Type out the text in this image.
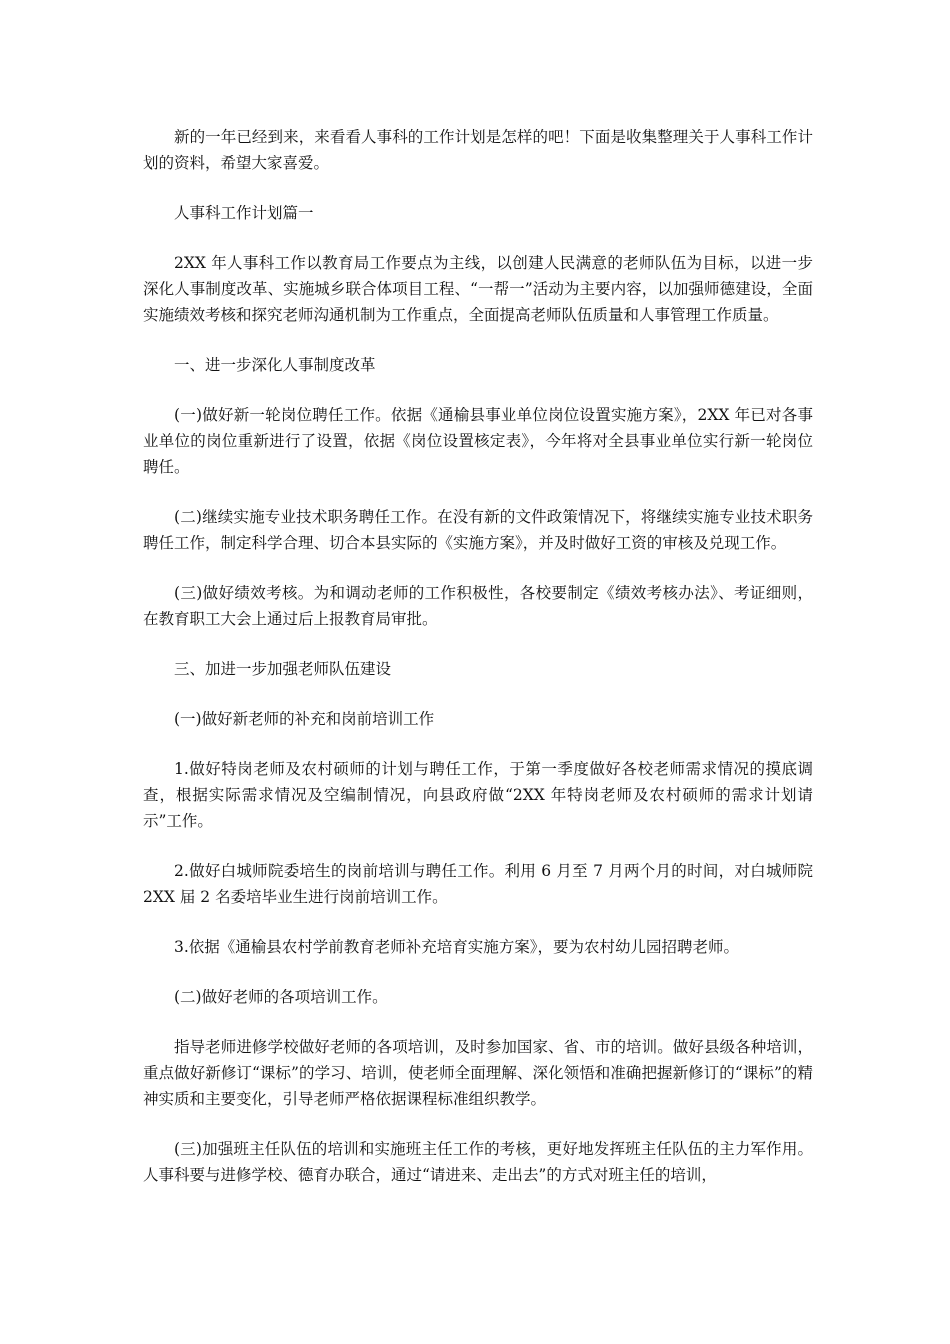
新的一年已经到来，来看看人事科的工作计划是怎样的吧！下面是收集整理关于人事科工作计划的资料，希望大家喜爱。

人事科工作计划篇一

2XX 年人事科工作以教育局工作要点为主线，以创建人民满意的老师队伍为目标，以进一步深化人事制度改革、实施城乡联合体项目工程、“一帮一”活动为主要内容，以加强师德建设，全面实施绩效考核和探究老师沟通机制为工作重点，全面提高老师队伍质量和人事管理工作质量。

一、进一步深化人事制度改革

(一)做好新一轮岗位聘任工作。依据《通榆县事业单位岗位设置实施方案》，2XX 年已对各事业单位的岗位重新进行了设置，依据《岗位设置核定表》，今年将对全县事业单位实行新一轮岗位聘任。

(二)继续实施专业技术职务聘任工作。在没有新的文件政策情况下，将继续实施专业技术职务聘任工作，制定科学合理、切合本县实际的《实施方案》，并及时做好工资的审核及兑现工作。

(三)做好绩效考核。为和调动老师的工作积极性，各校要制定《绩效考核办法》、考证细则，在教育职工大会上通过后上报教育局审批。

三、加进一步加强老师队伍建设

(一)做好新老师的补充和岗前培训工作

1.做好特岗老师及农村硕师的计划与聘任工作，于第一季度做好各校老师需求情况的摸底调查，根据实际需求情况及空编制情况，向县政府做“2XX 年特岗老师及农村硕师的需求计划请示”工作。

2.做好白城师院委培生的岗前培训与聘任工作。利用 6 月至 7 月两个月的时间，对白城师院 2XX 届 2 名委培毕业生进行岗前培训工作。

3.依据《通榆县农村学前教育老师补充培育实施方案》，要为农村幼儿园招聘老师。

(二)做好老师的各项培训工作。

指导老师进修学校做好老师的各项培训，及时参加国家、省、市的培训。做好县级各种培训，重点做好新修订“课标”的学习、培训，使老师全面理解、深化领悟和准确把握新修订的“课标”的精神实质和主要变化，引导老师严格依据课程标准组织教学。

(三)加强班主任队伍的培训和实施班主任工作的考核，更好地发挥班主任队伍的主力军作用。人事科要与进修学校、德育办联合，通过“请进来、走出去”的方式对班主任的培训，
